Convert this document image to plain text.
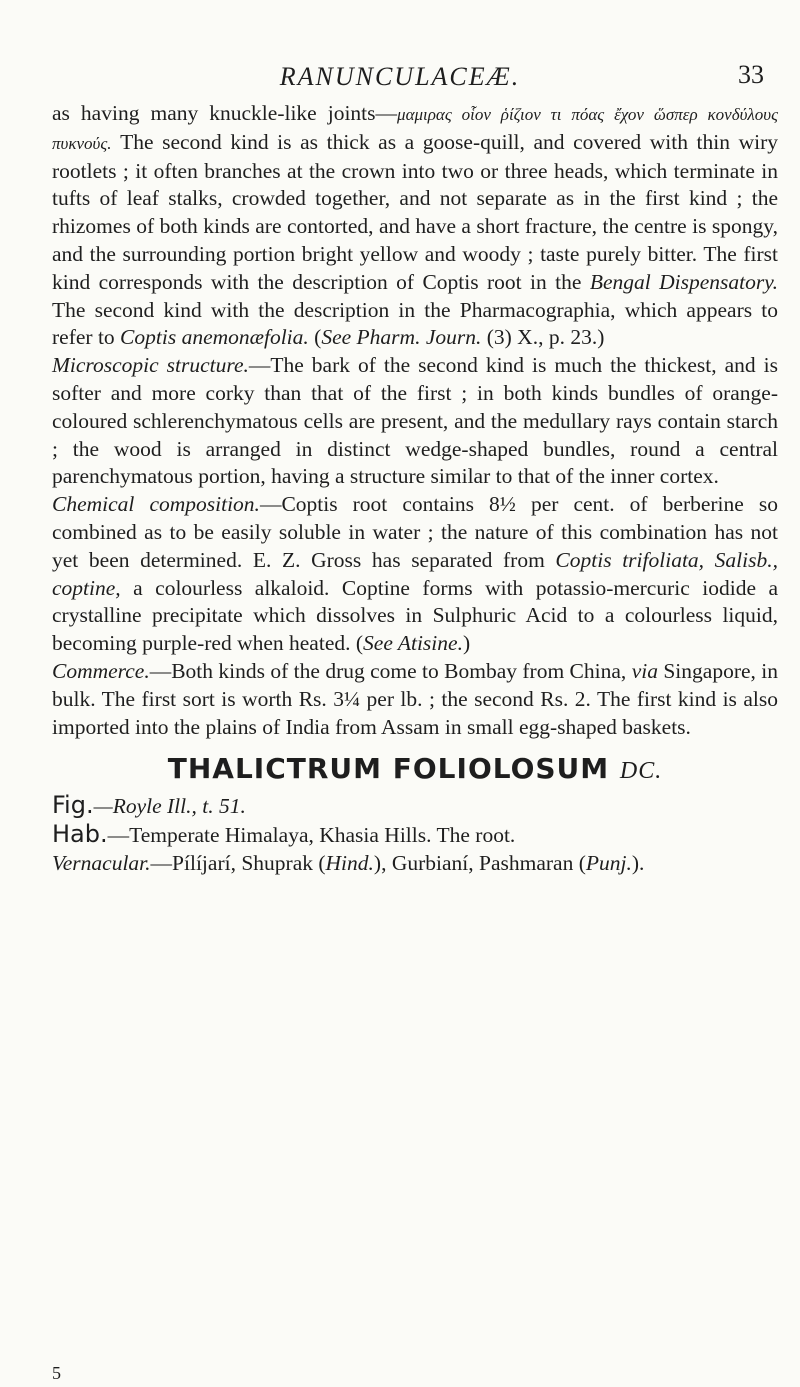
RANUNCULACEÆ.	33

as having many knuckle-like joints—μαμιρας οἷον ῥίζιον τι πόας ἔχον ὥσπερ κονδύλους πυκνούς. The second kind is as thick as a goose-quill, and covered with thin wiry rootlets ; it often branches at the crown into two or three heads, which terminate in tufts of leaf stalks, crowded together, and not separate as in the first kind ; the rhizomes of both kinds are contorted, and have a short fracture, the centre is spongy, and the surrounding portion bright yellow and woody ; taste purely bitter. The first kind corresponds with the description of Coptis root in the Bengal Dispensatory. The second kind with the description in the Pharmacographia, which appears to refer to Coptis anemonæfolia. (See Pharm. Journ. (3) X., p. 23.)

Microscopic structure.—The bark of the second kind is much the thickest, and is softer and more corky than that of the first ; in both kinds bundles of orange-coloured schlerenchymatous cells are present, and the medullary rays contain starch ; the wood is arranged in distinct wedge-shaped bundles, round a central parenchymatous portion, having a structure similar to that of the inner cortex.

Chemical composition.—Coptis root contains 8½ per cent. of berberine so combined as to be easily soluble in water ; the nature of this combination has not yet been determined. E. Z. Gross has separated from Coptis trifoliata, Salisb., coptine, a colourless alkaloid. Coptine forms with potassio-mercuric iodide a crystalline precipitate which dissolves in Sulphuric Acid to a colourless liquid, becoming purple-red when heated. (See Atisine.)

Commerce.—Both kinds of the drug come to Bombay from China, via Singapore, in bulk. The first sort is worth Rs. 3¼ per lb. ; the second Rs. 2. The first kind is also imported into the plains of India from Assam in small egg-shaped baskets.

THALICTRUM FOLIOLOSUM DC.

Fig.—Royle Ill., t. 51.

Hab.—Temperate Himalaya, Khasia Hills. The root.

Vernacular.—Pílíjarí, Shuprak (Hind.), Gurbianí, Pashmaran (Punj.).

5
